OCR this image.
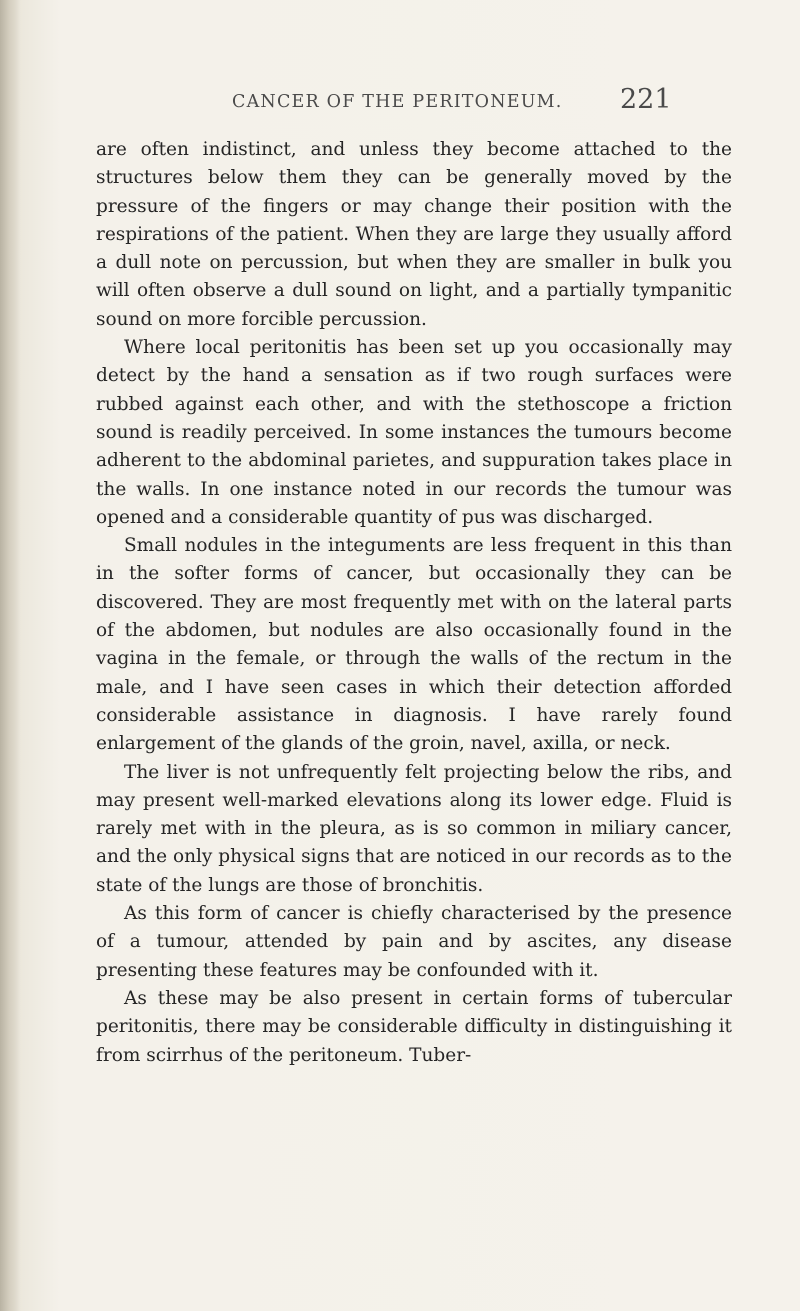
CANCER OF THE PERITONEUM. 221

are often indistinct, and unless they become attached to the structures below them they can be generally moved by the pressure of the fingers or may change their position with the respirations of the patient. When they are large they usually afford a dull note on percussion, but when they are smaller in bulk you will often observe a dull sound on light, and a partially tympanitic sound on more forcible percussion.

Where local peritonitis has been set up you occasionally may detect by the hand a sensation as if two rough surfaces were rubbed against each other, and with the stethoscope a friction sound is readily perceived. In some instances the tumours become adherent to the abdominal parietes, and suppuration takes place in the walls. In one instance noted in our records the tumour was opened and a considerable quantity of pus was discharged.

Small nodules in the integuments are less frequent in this than in the softer forms of cancer, but occasionally they can be discovered. They are most frequently met with on the lateral parts of the abdomen, but nodules are also occasionally found in the vagina in the female, or through the walls of the rectum in the male, and I have seen cases in which their detection afforded considerable assistance in diagnosis. I have rarely found enlargement of the glands of the groin, navel, axilla, or neck.

The liver is not unfrequently felt projecting below the ribs, and may present well-marked elevations along its lower edge. Fluid is rarely met with in the pleura, as is so common in miliary cancer, and the only physical signs that are noticed in our records as to the state of the lungs are those of bronchitis.

As this form of cancer is chiefly characterised by the presence of a tumour, attended by pain and by ascites, any disease presenting these features may be confounded with it.

As these may be also present in certain forms of tubercular peritonitis, there may be considerable difficulty in distinguishing it from scirrhus of the peritoneum. Tuber-
